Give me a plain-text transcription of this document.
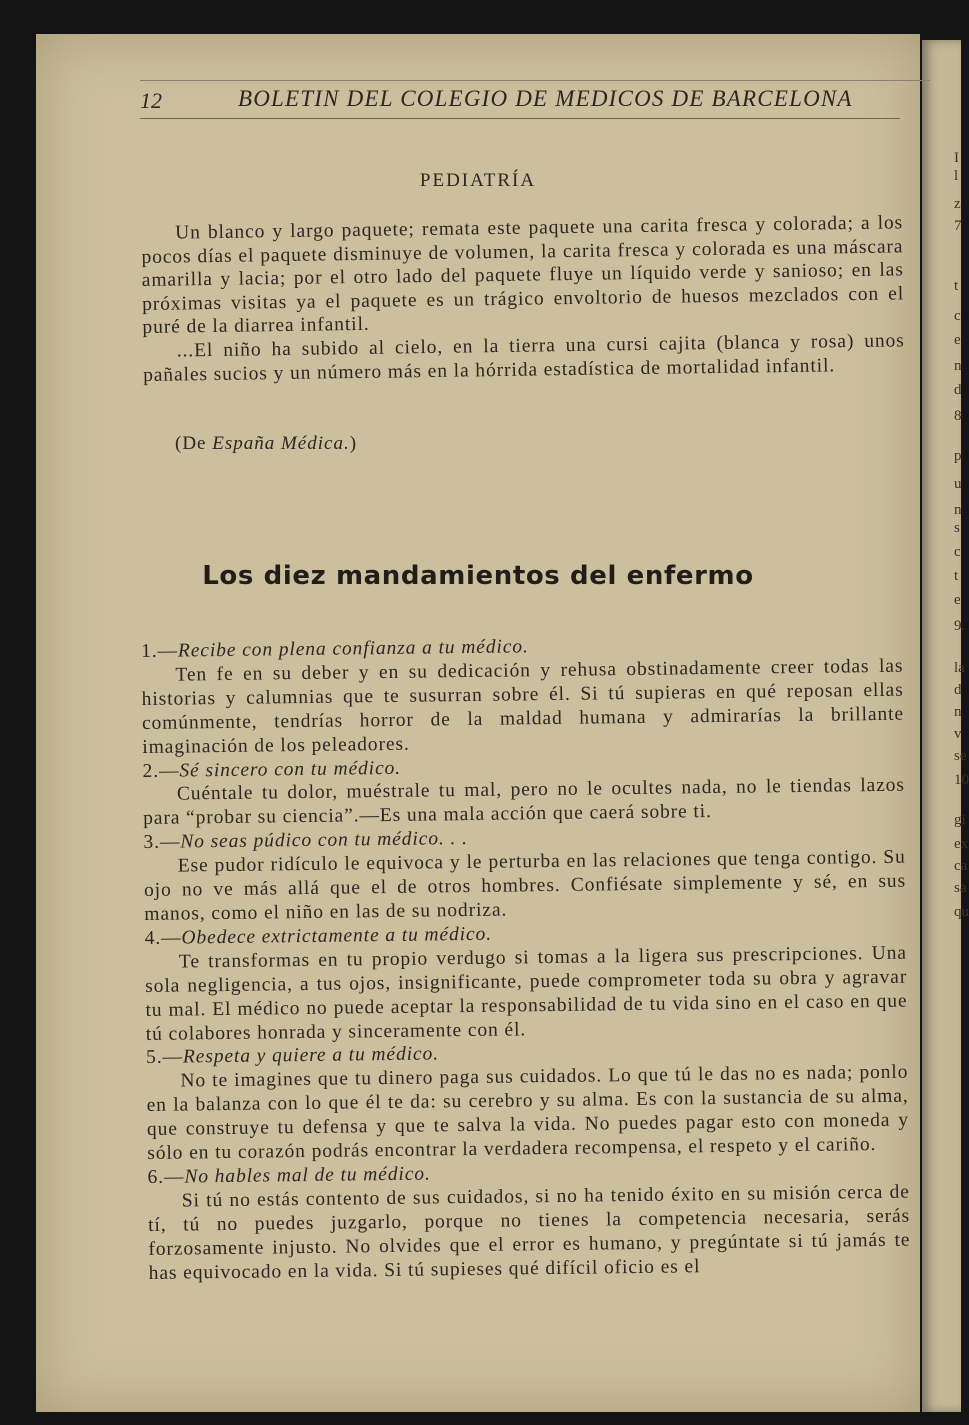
I
l
z
7
t
c
e
n
d
8
p
u
n
s
c
t
e
9.
la
d
n
v
se
10
gi
ex
ca
sa
qu
12	BOLETIN DEL COLEGIO DE MEDICOS DE BARCELONA
PEDIATRÍA

Un blanco y largo paquete; remata este paquete una carita fresca y colorada; a los pocos días el paquete disminuye de volumen, la carita fresca y colorada es una máscara amarilla y lacia; por el otro lado del paquete fluye un líquido verde y sanioso; en las próximas visitas ya el paquete es un trágico envoltorio de huesos mezclados con el puré de la diarrea infantil.

...El niño ha subido al cielo, en la tierra una cursi cajita (blanca y rosa) unos pañales sucios y un número más en la hórrida estadística de mortalidad infantil.

(De España Médica.)
Los diez mandamientos del enfermo

1.—Recibe con plena confianza a tu médico.

Ten fe en su deber y en su dedicación y rehusa obstinadamente creer todas las historias y calumnias que te susurran sobre él. Si tú supieras en qué reposan ellas comúnmente, tendrías horror de la maldad humana y admirarías la brillante imaginación de los peleadores.

2.—Sé sincero con tu médico.

Cuéntale tu dolor, muéstrale tu mal, pero no le ocultes nada, no le tiendas lazos para “probar su ciencia”.—Es una mala acción que caerá sobre ti.

3.—No seas púdico con tu médico. . .

Ese pudor ridículo le equivoca y le perturba en las relaciones que tenga contigo. Su ojo no ve más allá que el de otros hombres. Confiésate simplemente y sé, en sus manos, como el niño en las de su nodriza.

4.—Obedece extrictamente a tu médico.

Te transformas en tu propio verdugo si tomas a la ligera sus prescripciones. Una sola negligencia, a tus ojos, insignificante, puede comprometer toda su obra y agravar tu mal. El médico no puede aceptar la responsabilidad de tu vida sino en el caso en que tú colabores honrada y sinceramente con él.

5.—Respeta y quiere a tu médico.

No te imagines que tu dinero paga sus cuidados. Lo que tú le das no es nada; ponlo en la balanza con lo que él te da: su cerebro y su alma. Es con la sustancia de su alma, que construye tu defensa y que te salva la vida. No puedes pagar esto con moneda y sólo en tu corazón podrás encontrar la verdadera recompensa, el respeto y el cariño.

6.—No hables mal de tu médico.

Si tú no estás contento de sus cuidados, si no ha tenido éxito en su misión cerca de tí, tú no puedes juzgarlo, porque no tienes la competencia necesaria, serás forzosamente injusto. No olvides que el error es humano, y pregúntate si tú jamás te has equivocado en la vida. Si tú supieses qué difícil oficio es el
